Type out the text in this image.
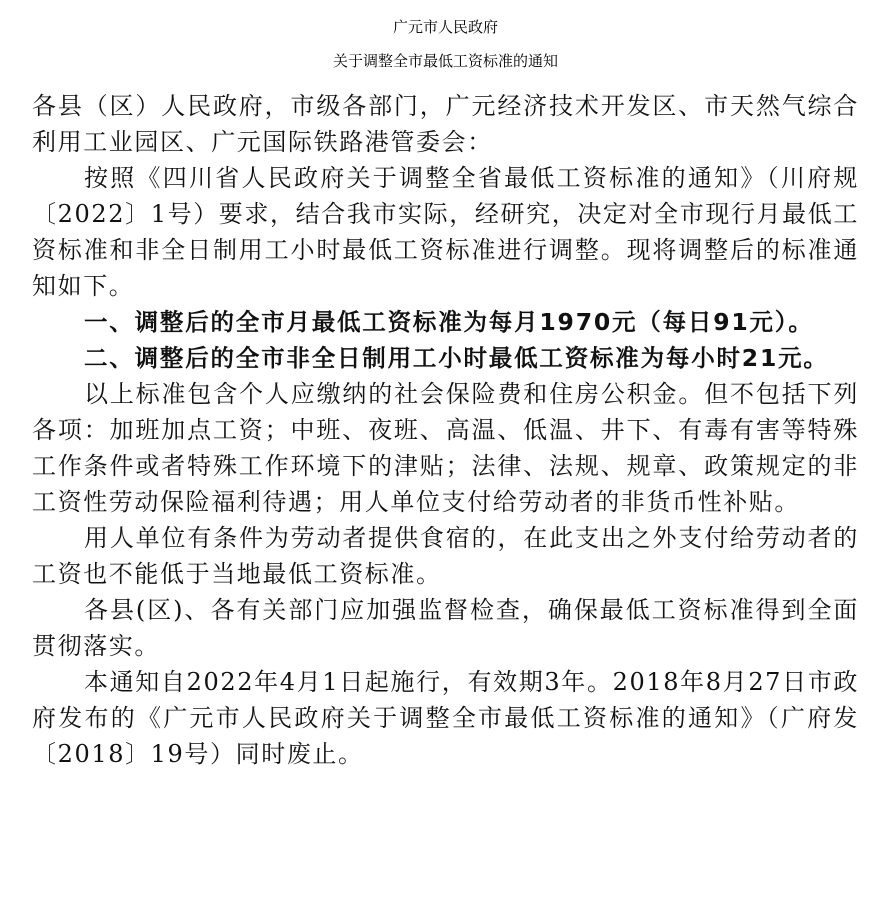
广元市人民政府

关于调整全市最低工资标准的通知

各县（区）人民政府，市级各部门，广元经济技术开发区、市天然气综合利用工业园区、广元国际铁路港管委会：

按照《四川省人民政府关于调整全省最低工资标准的通知》（川府规〔2022〕1号）要求，结合我市实际，经研究，决定对全市现行月最低工资标准和非全日制用工小时最低工资标准进行调整。现将调整后的标准通知如下。

一、调整后的全市月最低工资标准为每月1970元（每日91元）。

二、调整后的全市非全日制用工小时最低工资标准为每小时21元。

以上标准包含个人应缴纳的社会保险费和住房公积金。但不包括下列各项：加班加点工资；中班、夜班、高温、低温、井下、有毒有害等特殊工作条件或者特殊工作环境下的津贴；法律、法规、规章、政策规定的非工资性劳动保险福利待遇；用人单位支付给劳动者的非货币性补贴。

用人单位有条件为劳动者提供食宿的，在此支出之外支付给劳动者的工资也不能低于当地最低工资标准。

各县(区)、各有关部门应加强监督检查，确保最低工资标准得到全面贯彻落实。

本通知自2022年4月1日起施行，有效期3年。2018年8月27日市政府发布的《广元市人民政府关于调整全市最低工资标准的通知》（广府发〔2018〕19号）同时废止。
